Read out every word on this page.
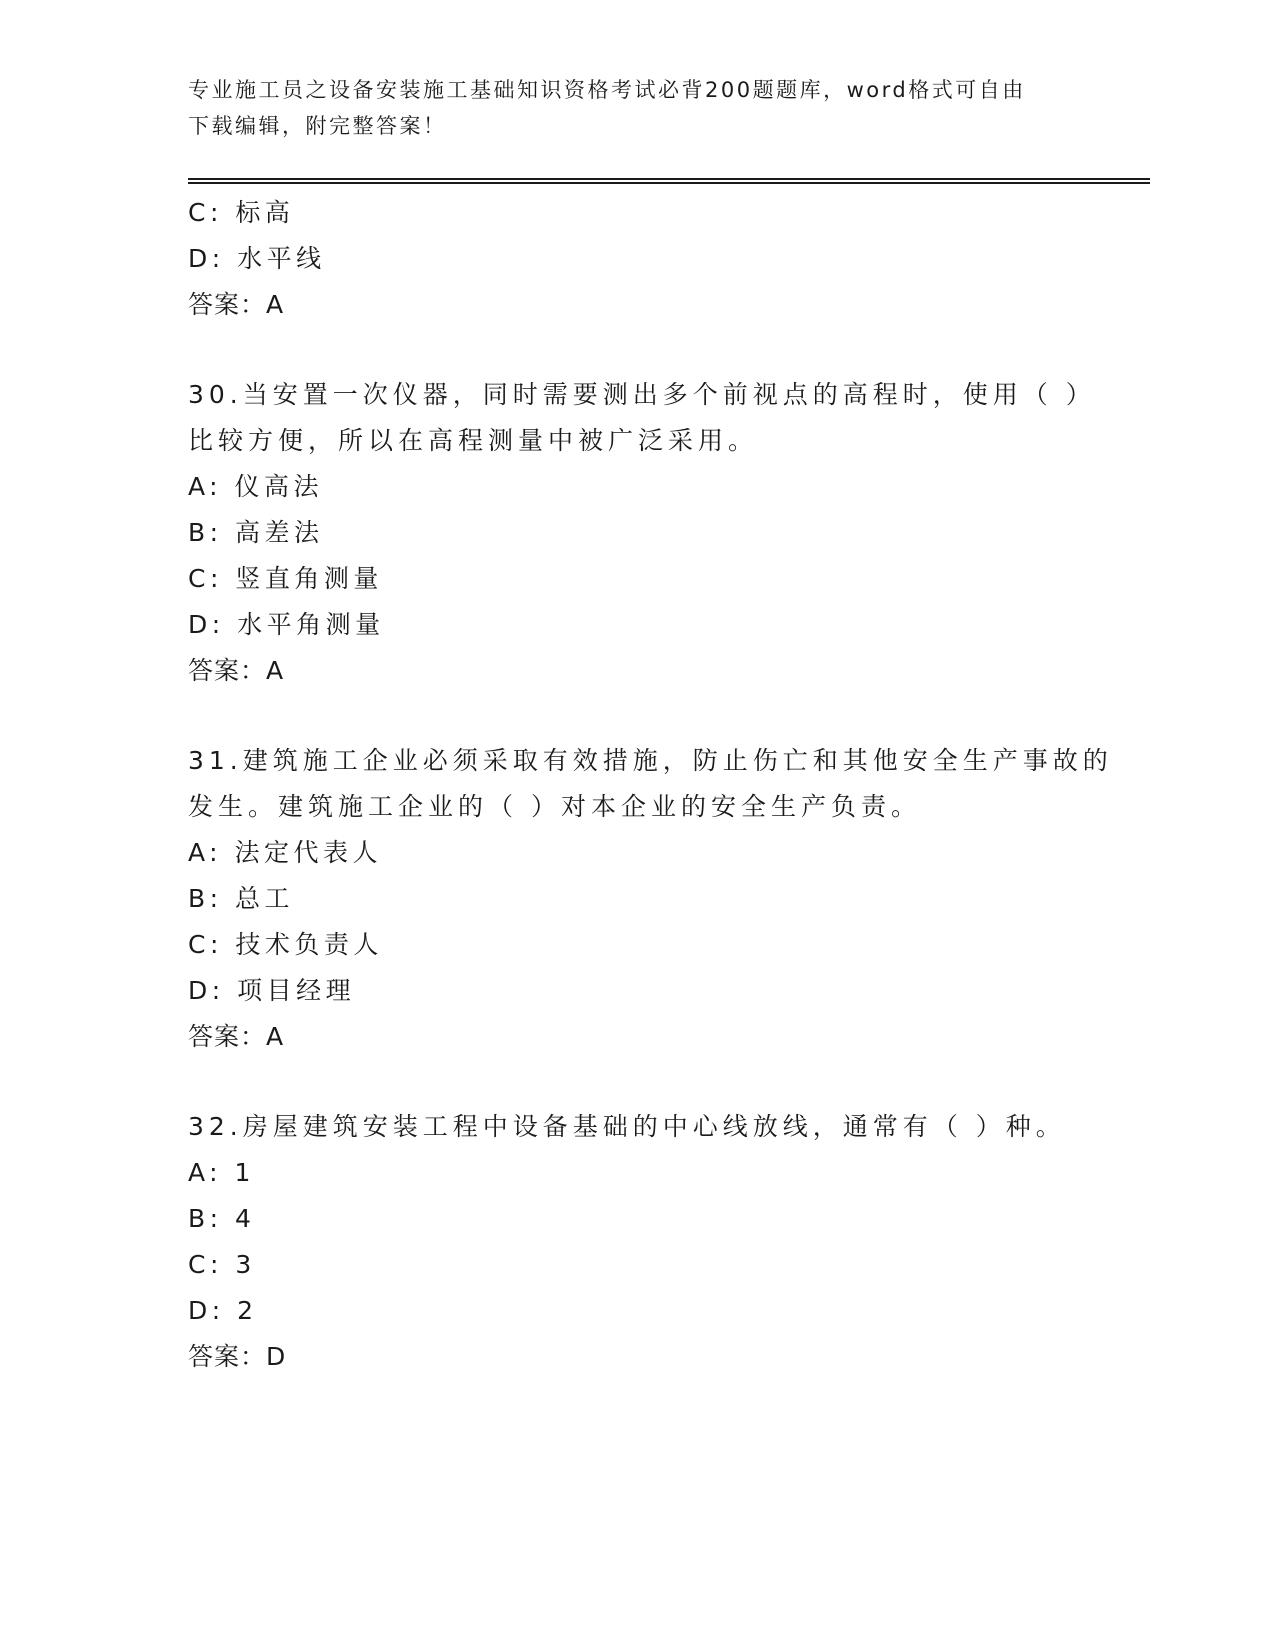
专业施工员之设备安装施工基础知识资格考试必背200题题库，word格式可自由
下载编辑，附完整答案！
C: 标高
D: 水平线
答案：A
30.当安置一次仪器，同时需要测出多个前视点的高程时，使用（ ）
比较方便，所以在高程测量中被广泛采用。
A: 仪高法
B: 高差法
C: 竖直角测量
D: 水平角测量
答案：A
31.建筑施工企业必须采取有效措施，防止伤亡和其他安全生产事故的
发生。建筑施工企业的（ ）对本企业的安全生产负责。
A: 法定代表人
B: 总工
C: 技术负责人
D: 项目经理
答案：A
32.房屋建筑安装工程中设备基础的中心线放线，通常有（ ）种。
A: 1
B: 4
C: 3
D: 2
答案：D
